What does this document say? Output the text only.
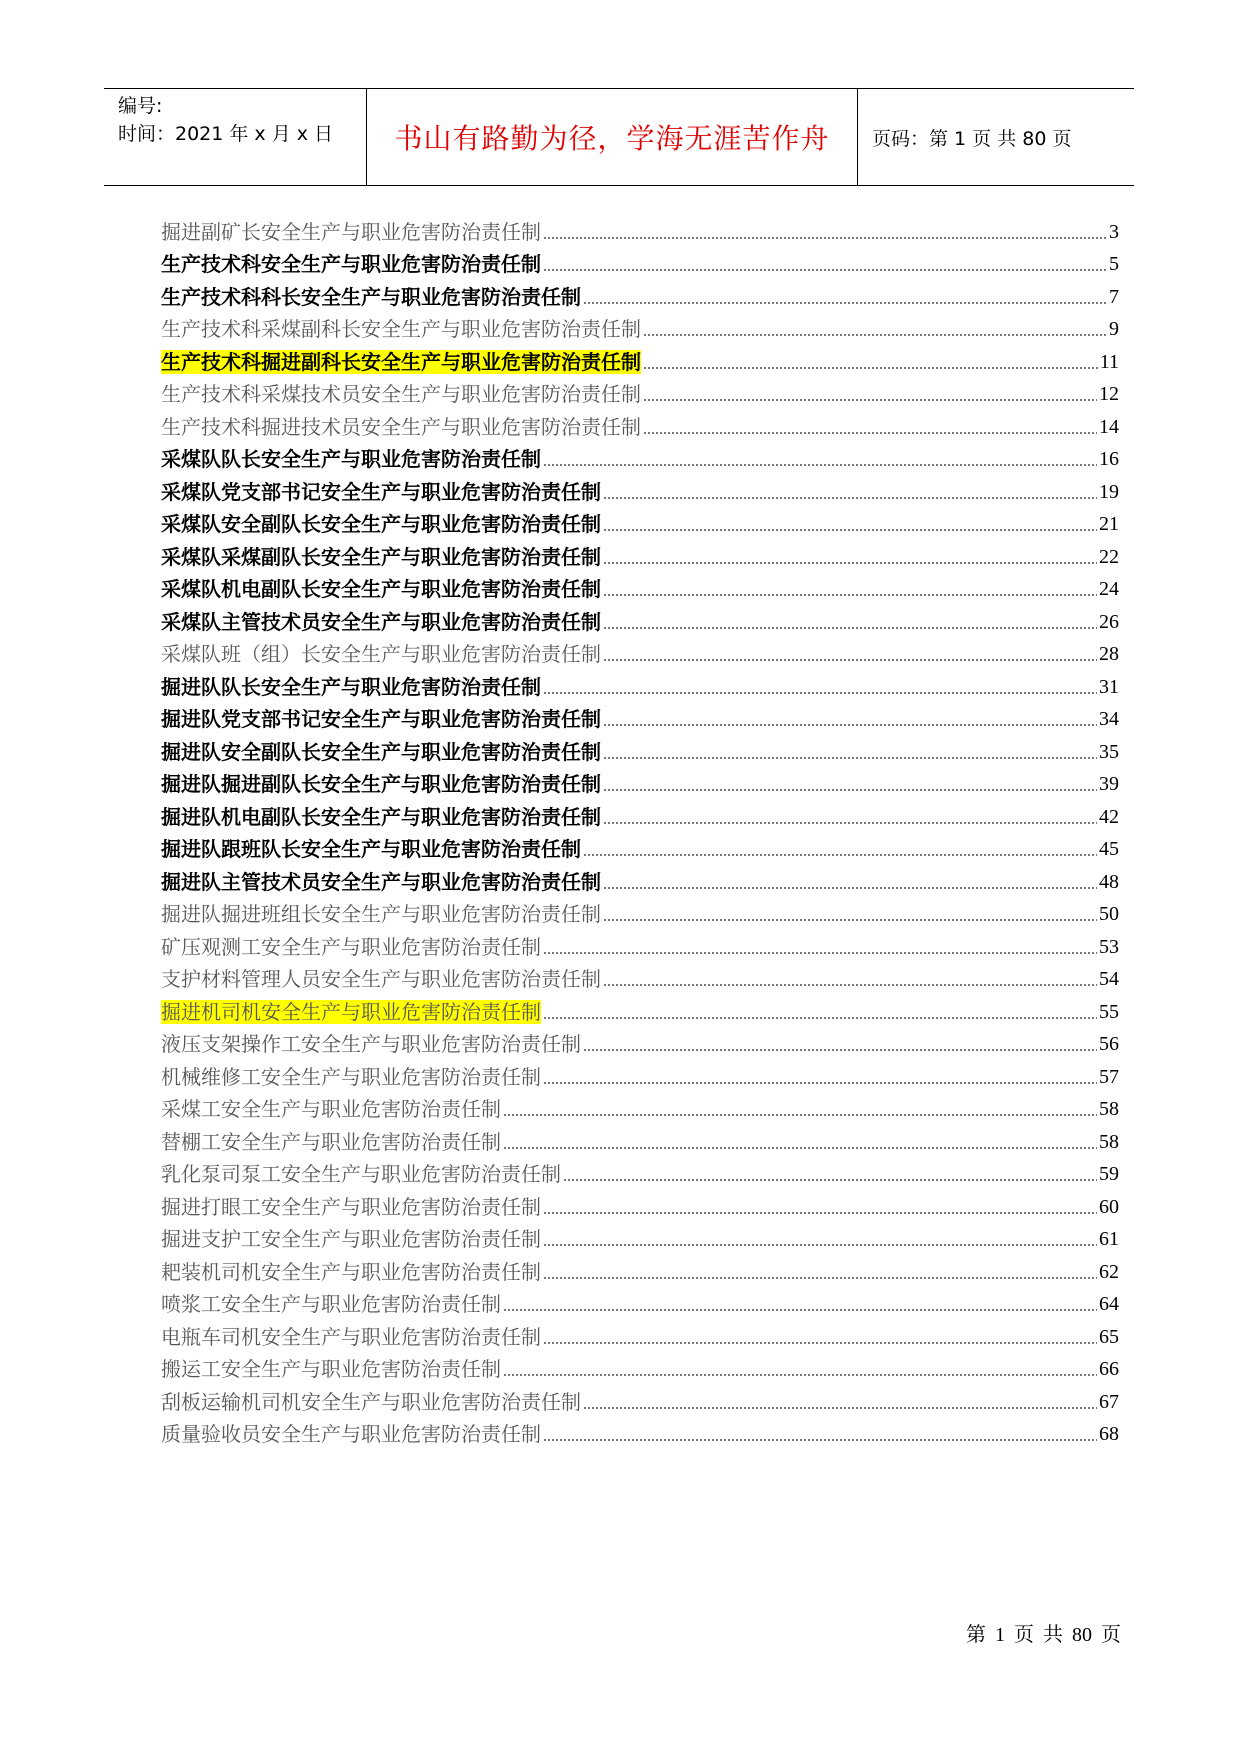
编号:
时间：2021 年 x 月 x 日 书山有路勤为径，学海无涯苦作舟 页码：第 1 页 共 80 页
掘进副矿长安全生产与职业危害防治责任制	3
生产技术科安全生产与职业危害防治责任制	5
生产技术科科长安全生产与职业危害防治责任制	7
生产技术科采煤副科长安全生产与职业危害防治责任制	9
生产技术科掘进副科长安全生产与职业危害防治责任制	11
生产技术科采煤技术员安全生产与职业危害防治责任制	12
生产技术科掘进技术员安全生产与职业危害防治责任制	14
采煤队队长安全生产与职业危害防治责任制	16
采煤队党支部书记安全生产与职业危害防治责任制	19
采煤队安全副队长安全生产与职业危害防治责任制	21
采煤队采煤副队长安全生产与职业危害防治责任制	22
采煤队机电副队长安全生产与职业危害防治责任制	24
采煤队主管技术员安全生产与职业危害防治责任制	26
采煤队班（组）长安全生产与职业危害防治责任制	28
掘进队队长安全生产与职业危害防治责任制	31
掘进队党支部书记安全生产与职业危害防治责任制	34
掘进队安全副队长安全生产与职业危害防治责任制	35
掘进队掘进副队长安全生产与职业危害防治责任制	39
掘进队机电副队长安全生产与职业危害防治责任制	42
掘进队跟班队长安全生产与职业危害防治责任制	45
掘进队主管技术员安全生产与职业危害防治责任制	48
掘进队掘进班组长安全生产与职业危害防治责任制	50
矿压观测工安全生产与职业危害防治责任制	53
支护材料管理人员安全生产与职业危害防治责任制	54
掘进机司机安全生产与职业危害防治责任制	55
液压支架操作工安全生产与职业危害防治责任制	56
机械维修工安全生产与职业危害防治责任制	57
采煤工安全生产与职业危害防治责任制	58
替棚工安全生产与职业危害防治责任制	58
乳化泵司泵工安全生产与职业危害防治责任制	59
掘进打眼工安全生产与职业危害防治责任制	60
掘进支护工安全生产与职业危害防治责任制	61
耙装机司机安全生产与职业危害防治责任制	62
喷浆工安全生产与职业危害防治责任制	64
电瓶车司机安全生产与职业危害防治责任制	65
搬运工安全生产与职业危害防治责任制	66
刮板运输机司机安全生产与职业危害防治责任制	67
质量验收员安全生产与职业危害防治责任制	68
第 1 页 共 80 页
